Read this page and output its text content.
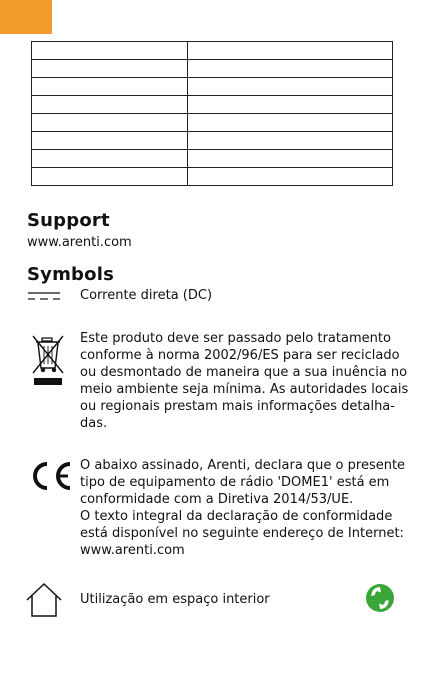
Support
www.arenti.com
Symbols
Corrente direta (DC)
Este produto deve ser passado pelo tratamento
conforme à norma 2002/96/ES para ser reciclado
ou desmontado de maneira que a sua inuência no
meio ambiente seja mínima. As autoridades locais
ou regionais prestam mais informações detalha-
das.
O abaixo assinado, Arenti, declara que o presente
tipo de equipamento de rádio 'DOME1' está em
conformidade com a Diretiva 2014/53/UE.
O texto integral da declaração de conformidade
está disponível no seguinte endereço de Internet:
www.arenti.com
Utilização em espaço interior
